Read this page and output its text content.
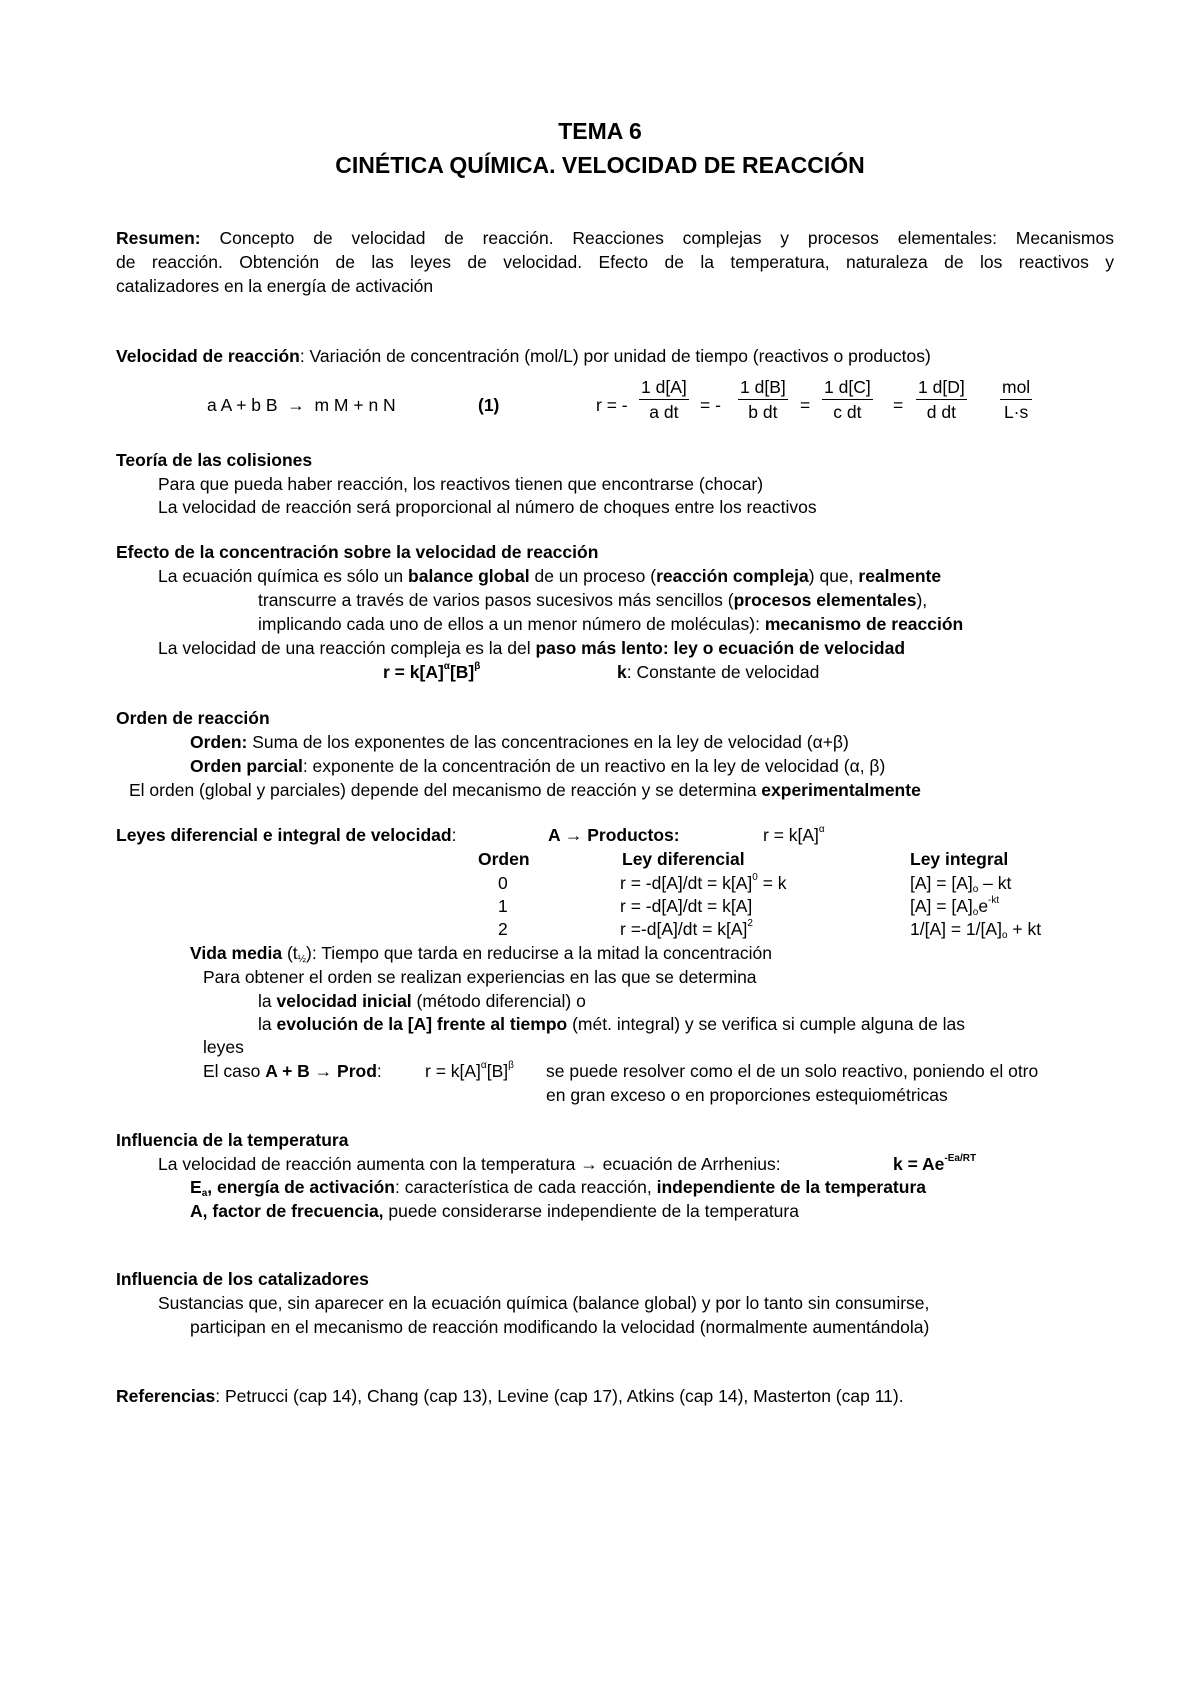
TEMA 6
CINÉTICA QUÍMICA. VELOCIDAD DE REACCIÓN
Resumen: Concepto de velocidad de reacción. Reacciones complejas y procesos elementales: Mecanismos
de reacción. Obtención de las leyes de velocidad. Efecto de la temperatura, naturaleza de los reactivos y
catalizadores en la energía de activación
Velocidad de reacción: Variación de concentración (mol/L) por unidad de tiempo (reactivos o productos)
a A + b B  →  m M + n N	(1)	r = - $\frac{1 d[A]}{\text{a dt}}$ = - $\frac{1 d[B]}{\text{b dt}} = \frac{1 d[C]}{\text{c dt}} = \frac{1 d[D]}{\text{d dt}}$ mol
L·s
Teoría de las colisiones
Para que pueda haber reacción, los reactivos tienen que encontrarse (chocar)
La velocidad de reacción será proporcional al número de choques entre los reactivos
Efecto de la concentración sobre la velocidad de reacción
La ecuación química es sólo un balance global de un proceso (reacción compleja) que, realmente
transcurre a través de varios pasos sucesivos más sencillos (procesos elementales),
implicando cada uno de ellos a un menor número de moléculas): mecanismo de reacción
La velocidad de una reacción compleja es la del paso más lento: ley o ecuación de velocidad
$r = k[A]^\alpha[B]^\beta$	k: Constante de velocidad
Orden de reacción
Orden: Suma de los exponentes de las concentraciones en la ley de velocidad (α+β)
Orden parcial: exponente de la concentración de un reactivo en la ley de velocidad (α, β)
El orden (global y parciales) depende del mecanismo de reacción y se determina experimentalmente
Leyes diferencial e integral de velocidad:	A → Productos:	$r = k[A]^\alpha$
Orden	Ley diferencial	Ley integral
0	$r = -d[A]/dt = k[A]^0 = k$	$[A] = [A]_o$ – kt
1	r = -d[A]/dt = k[A]	$[A] = [A]_oe^{-kt}$
2	$r =-d[A]/dt = k[A]^2$	$1/[A] = 1/[A]_o$ + kt
Vida media $(t_{\frac{1}{2}})$: Tiempo que tarda en reducirse a la mitad la concentración
Para obtener el orden se realizan experiencias en las que se determina
la velocidad inicial (método diferencial) o
la evolución de la [A] frente al tiempo (mét. integral) y se verifica si cumple alguna de las
leyes
El caso A + B → Prod: $r = k[A]^\alpha[B]^\beta$ se puede resolver como el de un solo reactivo, poniendo el otro
en gran exceso o en proporciones estequiométricas
Influencia de la temperatura
La velocidad de reacción aumenta con la temperatura → ecuación de Arrhenius:	$k = Ae^{-Ea/RT}$
$E_a$, energía de activación: característica de cada reacción, independiente de la temperatura
A, factor de frecuencia, puede considerarse independiente de la temperatura
Influencia de los catalizadores
Sustancias que, sin aparecer en la ecuación química (balance global) y por lo tanto sin consumirse,
participan en el mecanismo de reacción modificando la velocidad (normalmente aumentándola)
Referencias: Petrucci (cap 14), Chang (cap 13), Levine (cap 17), Atkins (cap 14), Masterton (cap 11).
